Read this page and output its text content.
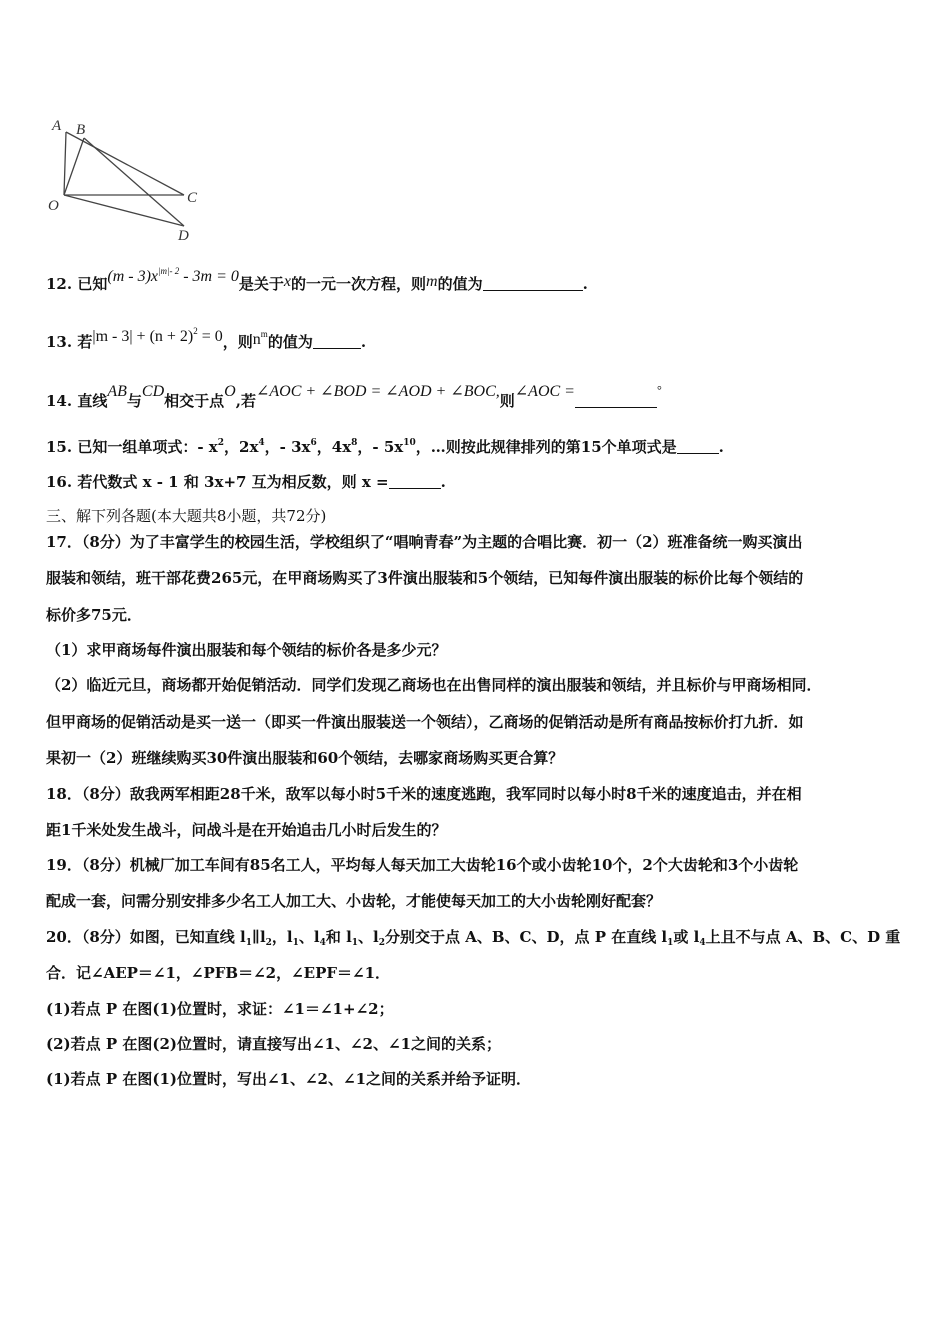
A B
O	C
D
12. 已知$(m - 3)x^{|m|- 2} - 3m = 0$是关于x的一元一次方程，则m的值为	.
13. 若$|m - 3| + (n + 2)^2 = 0$，则$n^m$的值为	.
14. 直线AB与CD相交于点O,若∠AOC + ∠BOD = ∠AOD + ∠BOC,则∠AOC =	°
15. 已知一组单项式：- $x^2$，$2x^4$，- $3x^6$，$4x^8$，- $5x^{10}$，…则按此规律排列的第15个单项式是	.
16. 若代数式 x - 1 和 3x+7 互为相反数，则 x =	.
三、解下列各题(本大题共8小题，共72分)
17．（8分）为了丰富学生的校园生活，学校组织了“唱响青春”为主题的合唱比赛．初一（2）班准备统一购买演出
服装和领结，班干部花费265元，在甲商场购买了3件演出服装和5个领结，已知每件演出服装的标价比每个领结的
标价多75元．
（1）求甲商场每件演出服装和每个领结的标价各是多少元？
（2）临近元旦，商场都开始促销活动．同学们发现乙商场也在出售同样的演出服装和领结，并且标价与甲商场相同．
但甲商场的促销活动是买一送一（即买一件演出服装送一个领结），乙商场的促销活动是所有商品按标价打九折．如
果初一（2）班继续购买30件演出服装和60个领结，去哪家商场购买更合算？
18．（8分）敌我两军相距28千米，敌军以每小时5千米的速度逃跑，我军同时以每小时8千米的速度追击，并在相
距1千米处发生战斗，问战斗是在开始追击几小时后发生的？
19．（8分）机械厂加工车间有85名工人，平均每人每天加工大齿轮16个或小齿轮10个，2个大齿轮和3个小齿轮
配成一套，问需分别安排多少名工人加工大、小齿轮，才能使每天加工的大小齿轮刚好配套？
20．（8分）如图，已知直线 $l_1\parallel l_2$，$l_1$、$l_4$和 $l_1$、$l_2$分别交于点 A、B、C、D，点 P 在直线 $l_1$或 $l_4$上且不与点 A、B、C、D 重
合．记∠AEP＝∠1，∠PFB＝∠2，∠EPF＝∠1．
(1)若点 P 在图(1)位置时，求证：∠1＝∠1+∠2；
(2)若点 P 在图(2)位置时，请直接写出∠1、∠2、∠1之间的关系；
(1)若点 P 在图(1)位置时，写出∠1、∠2、∠1之间的关系并给予证明．
